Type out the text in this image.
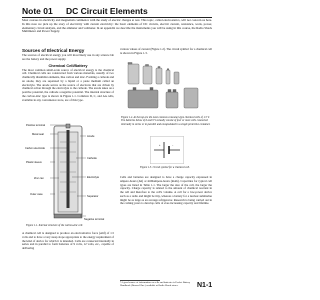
Note 01 DC Circuit Elements

Most courses in electricity and magnetism commence with the study of electric charges at rest. This topic, called electrostatics, will not concern us here. In this note we pick up the story of electricity with current electricity: the basic elements of DC circuits, electric current, resistance, work, power, elementary circuit analysis, and the ammeter and voltmeter. In an appendix we describe the instruments you will be using in this course, the Radio Shack Multimeter and Power Supply.

Sources of Electrical Energy

The sources of electrical energy you will most likely use in any science lab are the battery and the power supply.

Chemical Cell/Battery

The most common small-scale source of electrical energy is the chemical cell. Chemical cells are constructed from various materials, usually of two chemically dissimilar elements, like carbon and zinc. Forming a cathode and an anode, they are separated by a liquid or a paste medium called an electrolyte. The anode serves as the source of electrons that are driven by chemical action through the electrolyte to the cathode. The anode takes on a positive potential, the cathode a negative potential. The internal structure of the carbon-zinc type is shown in Figure 1.1. Common D, C, and AA cells, available in any convenience store, are of this type.

Positive terminal
Metal seal
Carbon electrode
Plastic sleeve
Zinc can
Outer case
Anode
Cathode
Electrolyte
Separator
Negative terminal
Figure 1.1. Internal structure of the carbon-zinc cell.

A chemical cell is designed to produce an electromotive force (emf) of 1.5 volts and to have a very steep slope appropriate to the energy requirement of the kind of device for which it is intended. Cells are connected internally in series and in parallel to form batteries of 9 volts, 12 volts, etc., capable of delivering

various values of current (Figure 1.2). The circuit symbol for a chemical cell is shown in Figure 1.3.

Figure 1.2. At the top are the most common consumer-type chemical cells of 1.5 V. The batteries below of 6 and 9 V actually consist of four or more cells connected internally in series or in parallel and encapsulated in a single protective container.
+	−
Figure 1.3. Circuit symbol for a chemical cell.

Cells and batteries are designed to have a charge capacity expressed in ampere-hours (Ah) or milliampere-hours (mAh). Capacities for typical cell types are listed in Table 1.1. The larger the size of the cell, the larger the capacity. Charge capacity is related to the amount of chemical reactant in the cell and therefore to the cell's volume. A cell for a low-power device such as a radio and might be tiny, whereas a battery for a nuclear submarine might be as large as an average refrigerator. Research is being carried out in the coming years to develop cells of ever-increasing capacity and lifetime.

¹ A good source of information on cells and batteries is Pocket Battery Handbook (Duracell Inc.) available at Radio Shack stores.	N1-1
